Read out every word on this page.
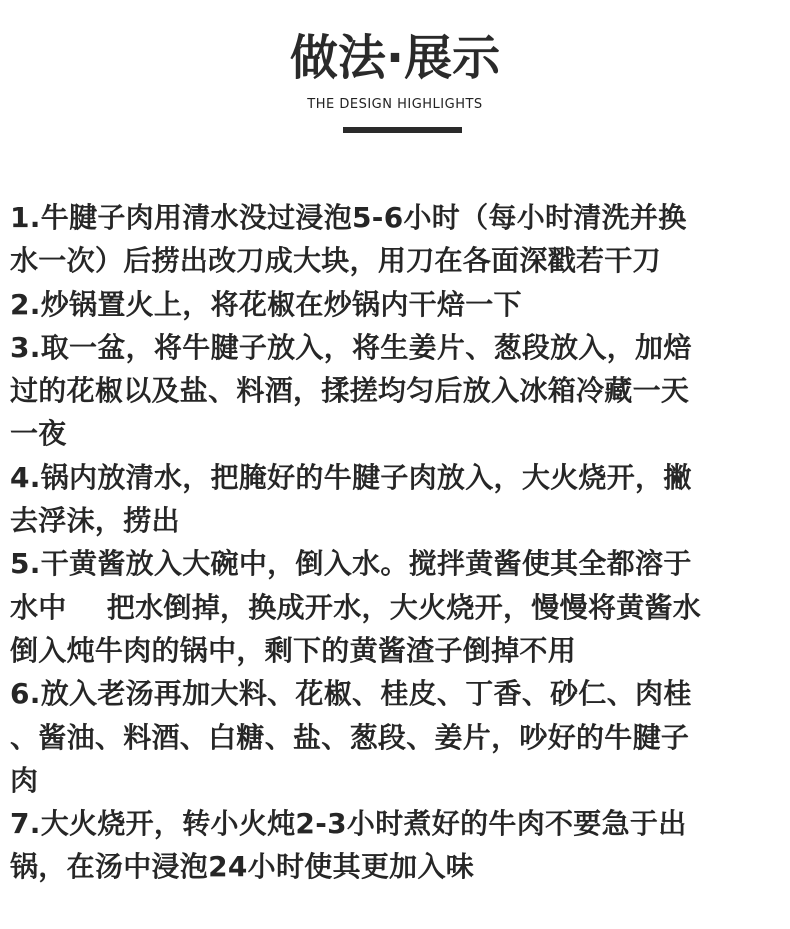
做法·展示
THE DESIGN HIGHLIGHTS
1.牛腱子肉用清水没过浸泡5-6小时（每小时清洗并换
水一次）后捞出改刀成大块，用刀在各面深戳若干刀
2.炒锅置火上，将花椒在炒锅内干焙一下
3.取一盆，将牛腱子放入，将生姜片、葱段放入，加焙
过的花椒以及盐、料酒，揉搓均匀后放入冰箱冷藏一天
一夜
4.锅内放清水，把腌好的牛腱子肉放入，大火烧开，撇
去浮沫，捞出
5.干黄酱放入大碗中，倒入水。搅拌黄酱使其全都溶于
水中    把水倒掉，换成开水，大火烧开，慢慢将黄酱水
倒入炖牛肉的锅中，剩下的黄酱渣子倒掉不用
6.放入老汤再加大料、花椒、桂皮、丁香、砂仁、肉桂
、酱油、料酒、白糖、盐、葱段、姜片，吵好的牛腱子
肉
7.大火烧开，转小火炖2-3小时煮好的牛肉不要急于出
锅，在汤中浸泡24小时使其更加入味
